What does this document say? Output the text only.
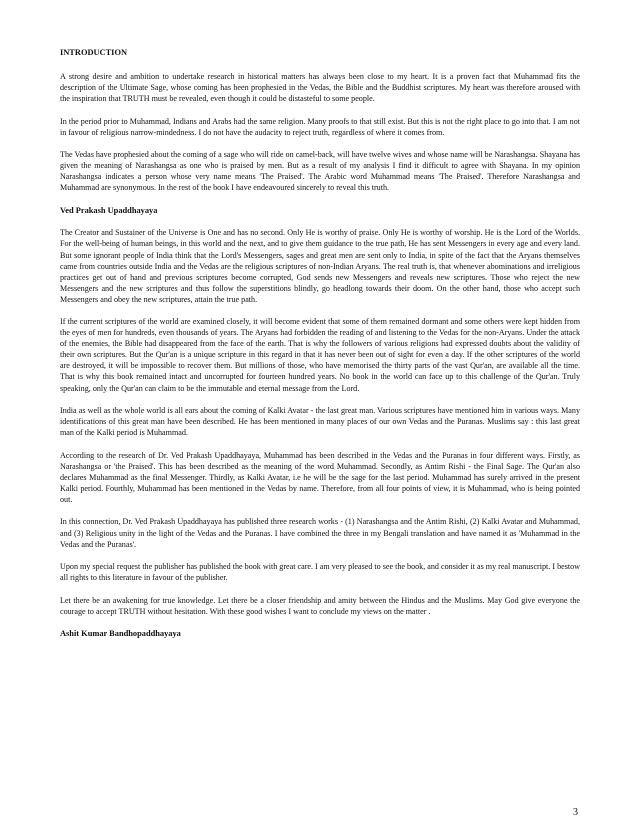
INTRODUCTION
A strong desire and ambition to undertake research in historical matters has always been close to my heart. It is a proven fact that Muhammad fits the description of the Ultimate Sage, whose coming has been prophesied in the Vedas, the Bible and the Buddhist scriptures. My heart was therefore aroused with the inspiration that TRUTH must be revealed, even though it could be distasteful to some people.
In the period prior to Muhammad, Indians and Arabs had the same religion. Many proofs to that still exist. But this is not the right place to go into that. I am not in favour of religious narrow-mindedness. I do not have the audacity to reject truth, regardless of where it comes from.
The Vedas have prophesied about the coming of a sage who will ride on camel-back, will have twelve wives and whose name will be Narashangsa. Shayana has given the meaning of Narashangsa as one who is praised by men. But as a result of my analysis I find it difficult to agree with Shayana. In my opinion Narashangsa indicates a person whose very name means 'The Praised'. The Arabic word Muhammad means 'The Praised'. Therefore Narashangsa and Muhammad are synonymous. In the rest of the book I have endeavoured sincerely to reveal this truth.
Ved Prakash Upaddhayaya
The Creator and Sustainer of the Universe is One and has no second. Only He is worthy of praise. Only He is worthy of worship. He is the Lord of the Worlds. For the well-being of human beings, in this world and the next, and to give them guidance to the true path, He has sent Messengers in every age and every land. But some ignorant people of India think that the Lord's Messengers, sages and great men are sent only to India, in spite of the fact that the Aryans themselves came from countries outside India and the Vedas are the religious scriptures of non-Indian Aryans. The real truth is, that whenever abominations and irreligious practices get out of hand and previous scriptures become corrupted, God sends new Messengers and reveals new scriptures. Those who reject the new Messengers and the new scriptures and thus follow the superstitions blindly, go headlong towards their doom. On the other hand, those who accept such Messengers and obey the new scriptures, attain the true path.
If the current scriptures of the world are examined closely, it will become evident that some of them remained dormant and some others were kept hidden from the eyes of men for hundreds, even thousands of years. The Aryans had forbidden the reading of and listening to the Vedas for the non-Aryans. Under the attack of the enemies, the Bible had disappeared from the face of the earth. That is why the followers of various religions had expressed doubts about the validity of their own scriptures. But the Qur'an is a unique scripture in this regard in that it has never been out of sight for even a day. If the other scriptures of the world are destroyed, it will be impossible to recover them. But millions of those, who have memorised the thirty parts of the vast Qur'an, are available all the time. That is why this book remained intact and uncorrupted for fourteen hundred years. No book in the world can face up to this challenge of the Qur'an. Truly speaking, only the Qur'an can claim to be the immutable and eternal message from the Lord.
India as well as the whole world is all ears about the coming of Kalki Avatar - the last great man. Various scriptures have mentioned him in various ways. Many identifications of this great man have been described. He has been mentioned in many places of our own Vedas and the Puranas. Muslims say : this last great man of the Kalki period is Muhammad.
According to the research of Dr. Ved Prakash Upaddhayaya, Muhammad has been described in the Vedas and the Puranas in four different ways. Firstly, as Narashangsa or 'the Praised'. This has been described as the meaning of the word Muhammad. Secondly, as Antim Rishi - the Final Sage. The Qur'an also declares Muhammad as the final Messenger. Thirdly, as Kalki Avatar, i.e he will be the sage for the last period. Muhammad has surely arrived in the present Kalki period. Fourthly, Muhammad has been mentioned in the Vedas by name. Therefore, from all four points of view, it is Muhammad, who is being pointed out.
In this connection, Dr. Ved Prakash Upaddhayaya has published three research works - (1) Narashangsa and the Antim Rishi, (2) Kalki Avatar and Muhammad, and (3) Religious unity in the light of the Vedas and the Puranas. I have combined the three in my Bengali translation and have named it as 'Muhammad in the Vedas and the Puranas'.
Upon my special request the publisher has published the book with great care. I am very pleased to see the book, and consider it as my real manuscript. I bestow all rights to this literature in favour of the publisher.
Let there be an awakening for true knowledge. Let there be a closer friendship and amity between the Hindus and the Muslims. May God give everyone the courage to accept TRUTH without hesitation. With these good wishes I want to conclude my views on the matter .
Ashit Kumar Bandhopaddhayaya
3
